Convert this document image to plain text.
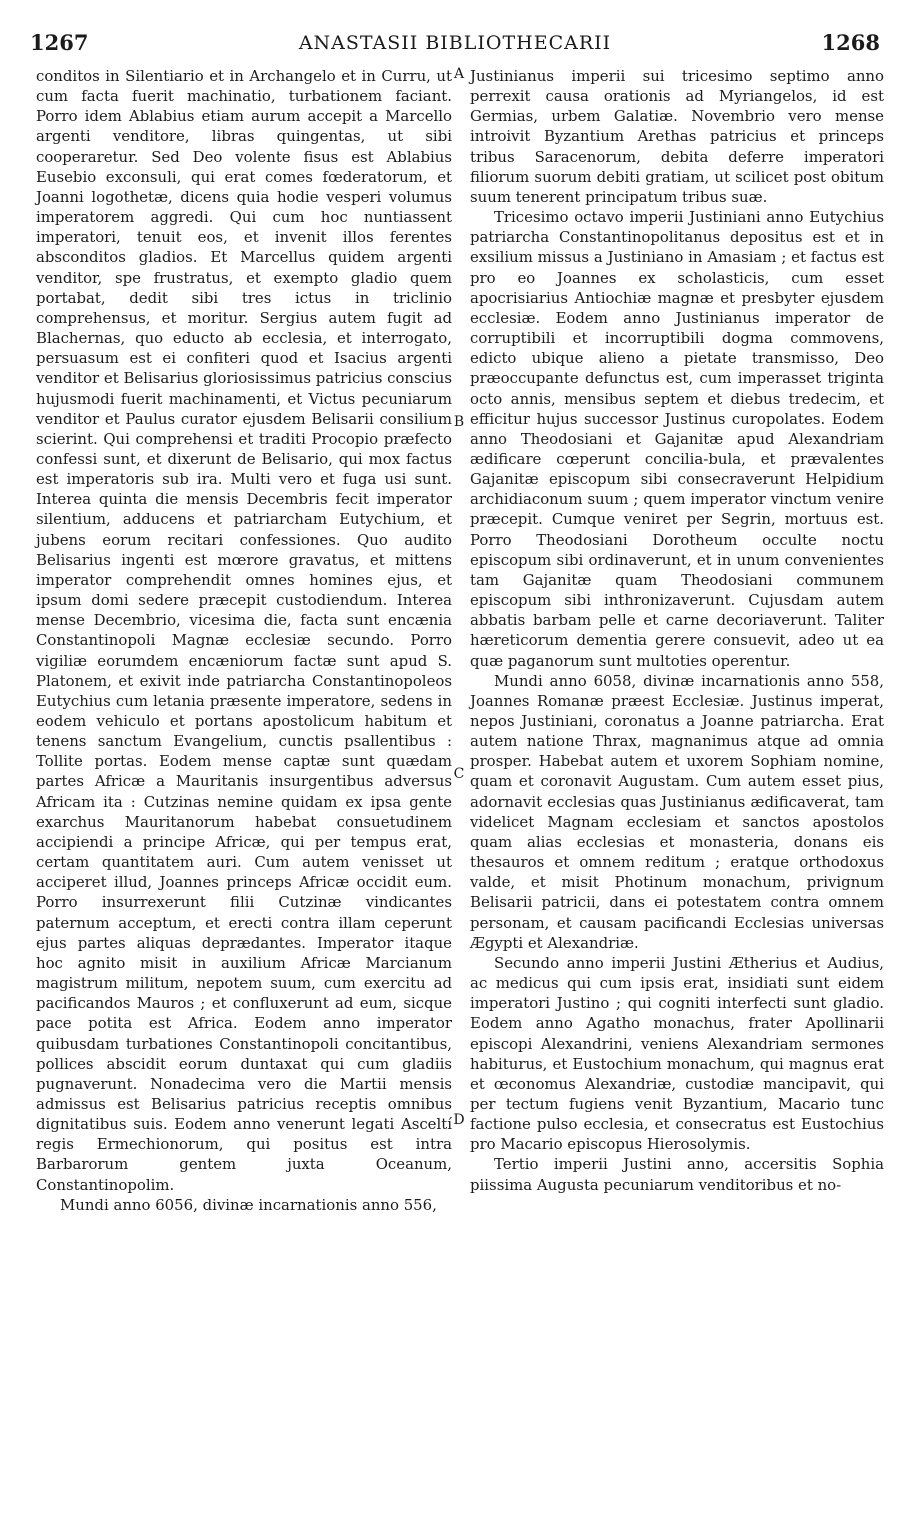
1267	ANASTASII BIBLIOTHECARII	1268
A
B
C
D

conditos in Silentiario et in Archangelo et in Curru, ut cum facta fuerit machinatio, turbationem faciant. Porro idem Ablabius etiam aurum accepit a Marcello argenti venditore, libras quingentas, ut sibi cooperaretur. Sed Deo volente fisus est Ablabius Eusebio exconsuli, qui erat comes fœderatorum, et Joanni logothetæ, dicens quia hodie vesperi volumus imperatorem aggredi. Qui cum hoc nuntiassent imperatori, tenuit eos, et invenit illos ferentes absconditos gladios. Et Marcellus quidem argenti venditor, spe frustratus, et exempto gladio quem portabat, dedit sibi tres ictus in triclinio comprehensus, et moritur. Sergius autem fugit ad Blachernas, quo educto ab ecclesia, et interrogato, persuasum est ei confiteri quod et Isacius argenti venditor et Belisarius gloriosissimus patricius conscius hujusmodi fuerit machinamenti, et Victus pecuniarum venditor et Paulus curator ejusdem Belisarii consilium scierint. Qui comprehensi et traditi Procopio præfecto confessi sunt, et dixerunt de Belisario, qui mox factus est imperatoris sub ira. Multi vero et fuga usi sunt. Interea quinta die mensis Decembris fecit imperator silentium, adducens et patriarcham Eutychium, et jubens eorum recitari confessiones. Quo audito Belisarius ingenti est mœrore gravatus, et mittens imperator comprehendit omnes homines ejus, et ipsum domi sedere præcepit custodiendum. Interea mense Decembrio, vicesima die, facta sunt encænia Constantinopoli Magnæ ecclesiæ secundo. Porro vigiliæ eorumdem encæniorum factæ sunt apud S. Platonem, et exivit inde patriarcha Constantinopoleos Eutychius cum letania præsente imperatore, sedens in eodem vehiculo et portans apostolicum habitum et tenens sanctum Evangelium, cunctis psallentibus : Tollite portas. Eodem mense captæ sunt quædam partes Africæ a Mauritanis insurgentibus adversus Africam ita : Cutzinas nemine quidam ex ipsa gente exarchus Mauritanorum habebat consuetudinem accipiendi a principe Africæ, qui per tempus erat, certam quantitatem auri. Cum autem venisset ut acciperet illud, Joannes princeps Africæ occidit eum. Porro insurrexerunt filii Cutzinæ vindicantes paternum acceptum, et erecti contra illam ceperunt ejus partes aliquas deprædantes. Imperator itaque hoc agnito misit in auxilium Africæ Marcianum magistrum militum, nepotem suum, cum exercitu ad pacificandos Mauros ; et confluxerunt ad eum, sicque pace potita est Africa. Eodem anno imperator quibusdam turbationes Constantinopoli concitantibus, pollices abscidit eorum duntaxat qui cum gladiis pugnaverunt. Nonadecima vero die Martii mensis admissus est Belisarius patricius receptis omnibus dignitatibus suis. Eodem anno venerunt legati Asceltí regis Ermechionorum, qui positus est intra Barbarorum gentem juxta Oceanum, Constantinopolim.

Mundi anno 6056, divinæ incarnationis anno 556,

Justinianus imperii sui tricesimo septimo anno perrexit causa orationis ad Myriangelos, id est Germias, urbem Galatiæ. Novembrio vero mense introivit Byzantium Arethas patricius et princeps tribus Saracenorum, debita deferre imperatori filiorum suorum debiti gratiam, ut scilicet post obitum suum tenerent principatum tribus suæ.

Tricesimo octavo imperii Justiniani anno Eutychius patriarcha Constantinopolitanus depositus est et in exsilium missus a Justiniano in Amasiam ; et factus est pro eo Joannes ex scholasticis, cum esset apocrisiarius Antiochiæ magnæ et presbyter ejusdem ecclesiæ. Eodem anno Justinianus imperator de corruptibili et incorruptibili dogma commovens, edicto ubique alieno a pietate transmisso, Deo præoccupante defunctus est, cum imperasset triginta octo annis, mensibus septem et diebus tredecim, et efficitur hujus successor Justinus curopolates. Eodem anno Theodosiani et Gajanitæ apud Alexandriam ædificare cœperunt concilia-bula, et prævalentes Gajanitæ episcopum sibi consecraverunt Helpidium archidiaconum suum ; quem imperator vinctum venire præcepit. Cumque veniret per Segrin, mortuus est. Porro Theodosiani Dorotheum occulte noctu episcopum sibi ordinaverunt, et in unum convenientes tam Gajanitæ quam Theodosiani communem episcopum sibi inthronizaverunt. Cujusdam autem abbatis barbam pelle et carne decoriaverunt. Taliter hæreticorum dementia gerere consuevit, adeo ut ea quæ paganorum sunt multoties operentur.

Mundi anno 6058, divinæ incarnationis anno 558, Joannes Romanæ præest Ecclesiæ. Justinus imperat, nepos Justiniani, coronatus a Joanne patriarcha. Erat autem natione Thrax, magnanimus atque ad omnia prosper. Habebat autem et uxorem Sophiam nomine, quam et coronavit Augustam. Cum autem esset pius, adornavit ecclesias quas Justinianus ædificaverat, tam videlicet Magnam ecclesiam et sanctos apostolos quam alias ecclesias et monasteria, donans eis thesauros et omnem reditum ; eratque orthodoxus valde, et misit Photinum monachum, privignum Belisarii patricii, dans ei potestatem contra omnem personam, et causam pacificandi Ecclesias universas Ægypti et Alexandriæ.

Secundo anno imperii Justini Ætherius et Audius, ac medicus qui cum ipsis erat, insidiati sunt eidem imperatori Justino ; qui cogniti interfecti sunt gladio. Eodem anno Agatho monachus, frater Apollinarii episcopi Alexandrini, veniens Alexandriam sermones habiturus, et Eustochium monachum, qui magnus erat et œconomus Alexandriæ, custodiæ mancipavit, qui per tectum fugiens venit Byzantium, Macario tunc factione pulso ecclesia, et consecratus est Eustochius pro Macario episcopus Hierosolymis.

Tertio imperii Justini anno, accersitis Sophia piissima Augusta pecuniarum venditoribus et no-
